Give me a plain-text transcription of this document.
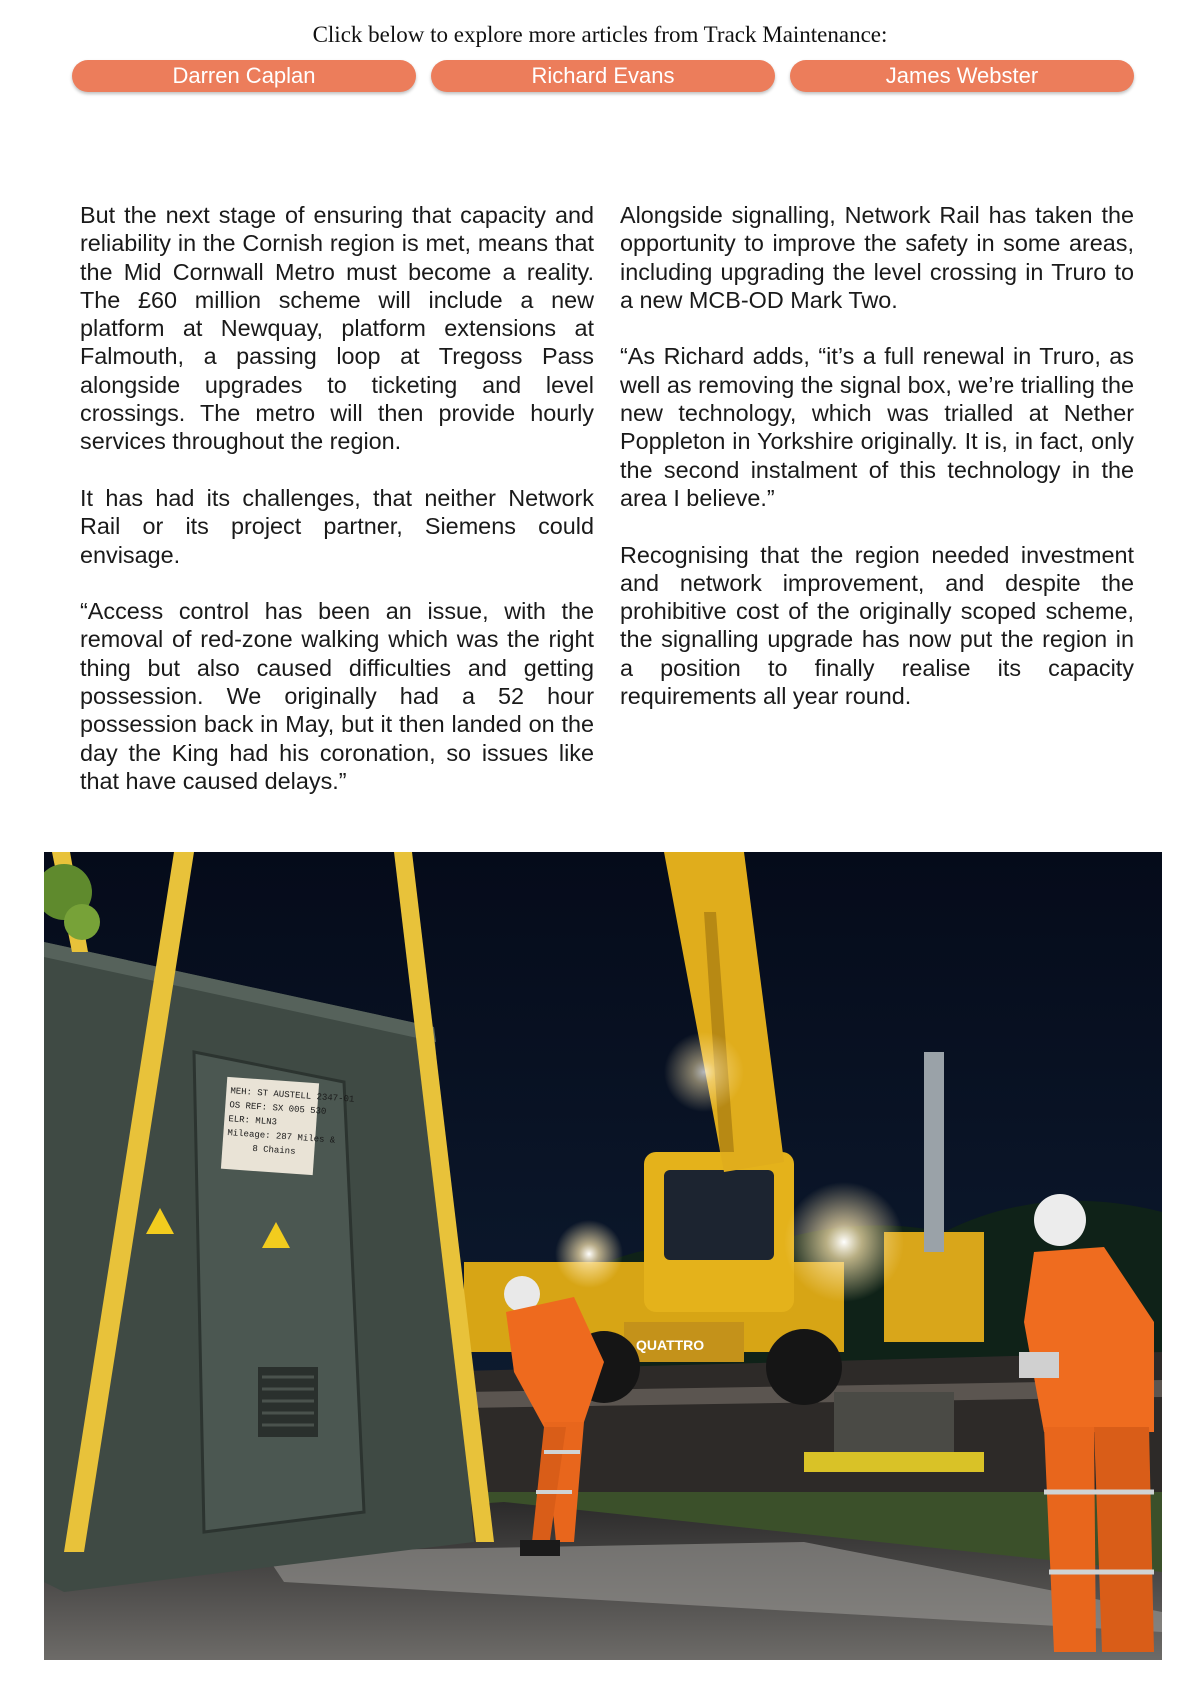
Click below to explore more articles from Track Maintenance:
Darren Caplan	Richard Evans	James Webster

But the next stage of ensuring that capacity and reliability in the Cornish region is met, means that the Mid Cornwall Metro must become a reality. The £60 million scheme will include a new platform at Newquay, platform extensions at Falmouth, a passing loop at Tregoss Pass alongside upgrades to ticketing and level crossings. The metro will then provide hourly services throughout the region.

It has had its challenges, that neither Network Rail or its project partner, Siemens could envisage.

“Access control has been an issue, with the removal of red-zone walking which was the right thing but also caused difficulties and getting possession. We originally had a 52 hour possession back in May, but it then landed on the day the King had his coronation, so issues like that have caused delays.”

Alongside signalling, Network Rail has taken the opportunity to improve the safety in some areas, including upgrading the level crossing in Truro to a new MCB-OD Mark Two.

“As Richard adds, “it’s a full renewal in Truro, as well as removing the signal box, we’re trialling the new technology, which was trialled at Nether Poppleton in Yorkshire originally. It is, in fact, only the second instalment of this technology in the area I believe.”

Recognising that the region needed investment and network improvement, and despite the prohibitive cost of the originally scoped scheme, the signalling upgrade has now put the region in a position to finally realise its capacity requirements all year round.

QUATTRO
MEH: ST AUSTELL 2347-01
OS REF: SX 005 530
ELR: MLN3
Mileage: 287 Miles &
8 Chains
